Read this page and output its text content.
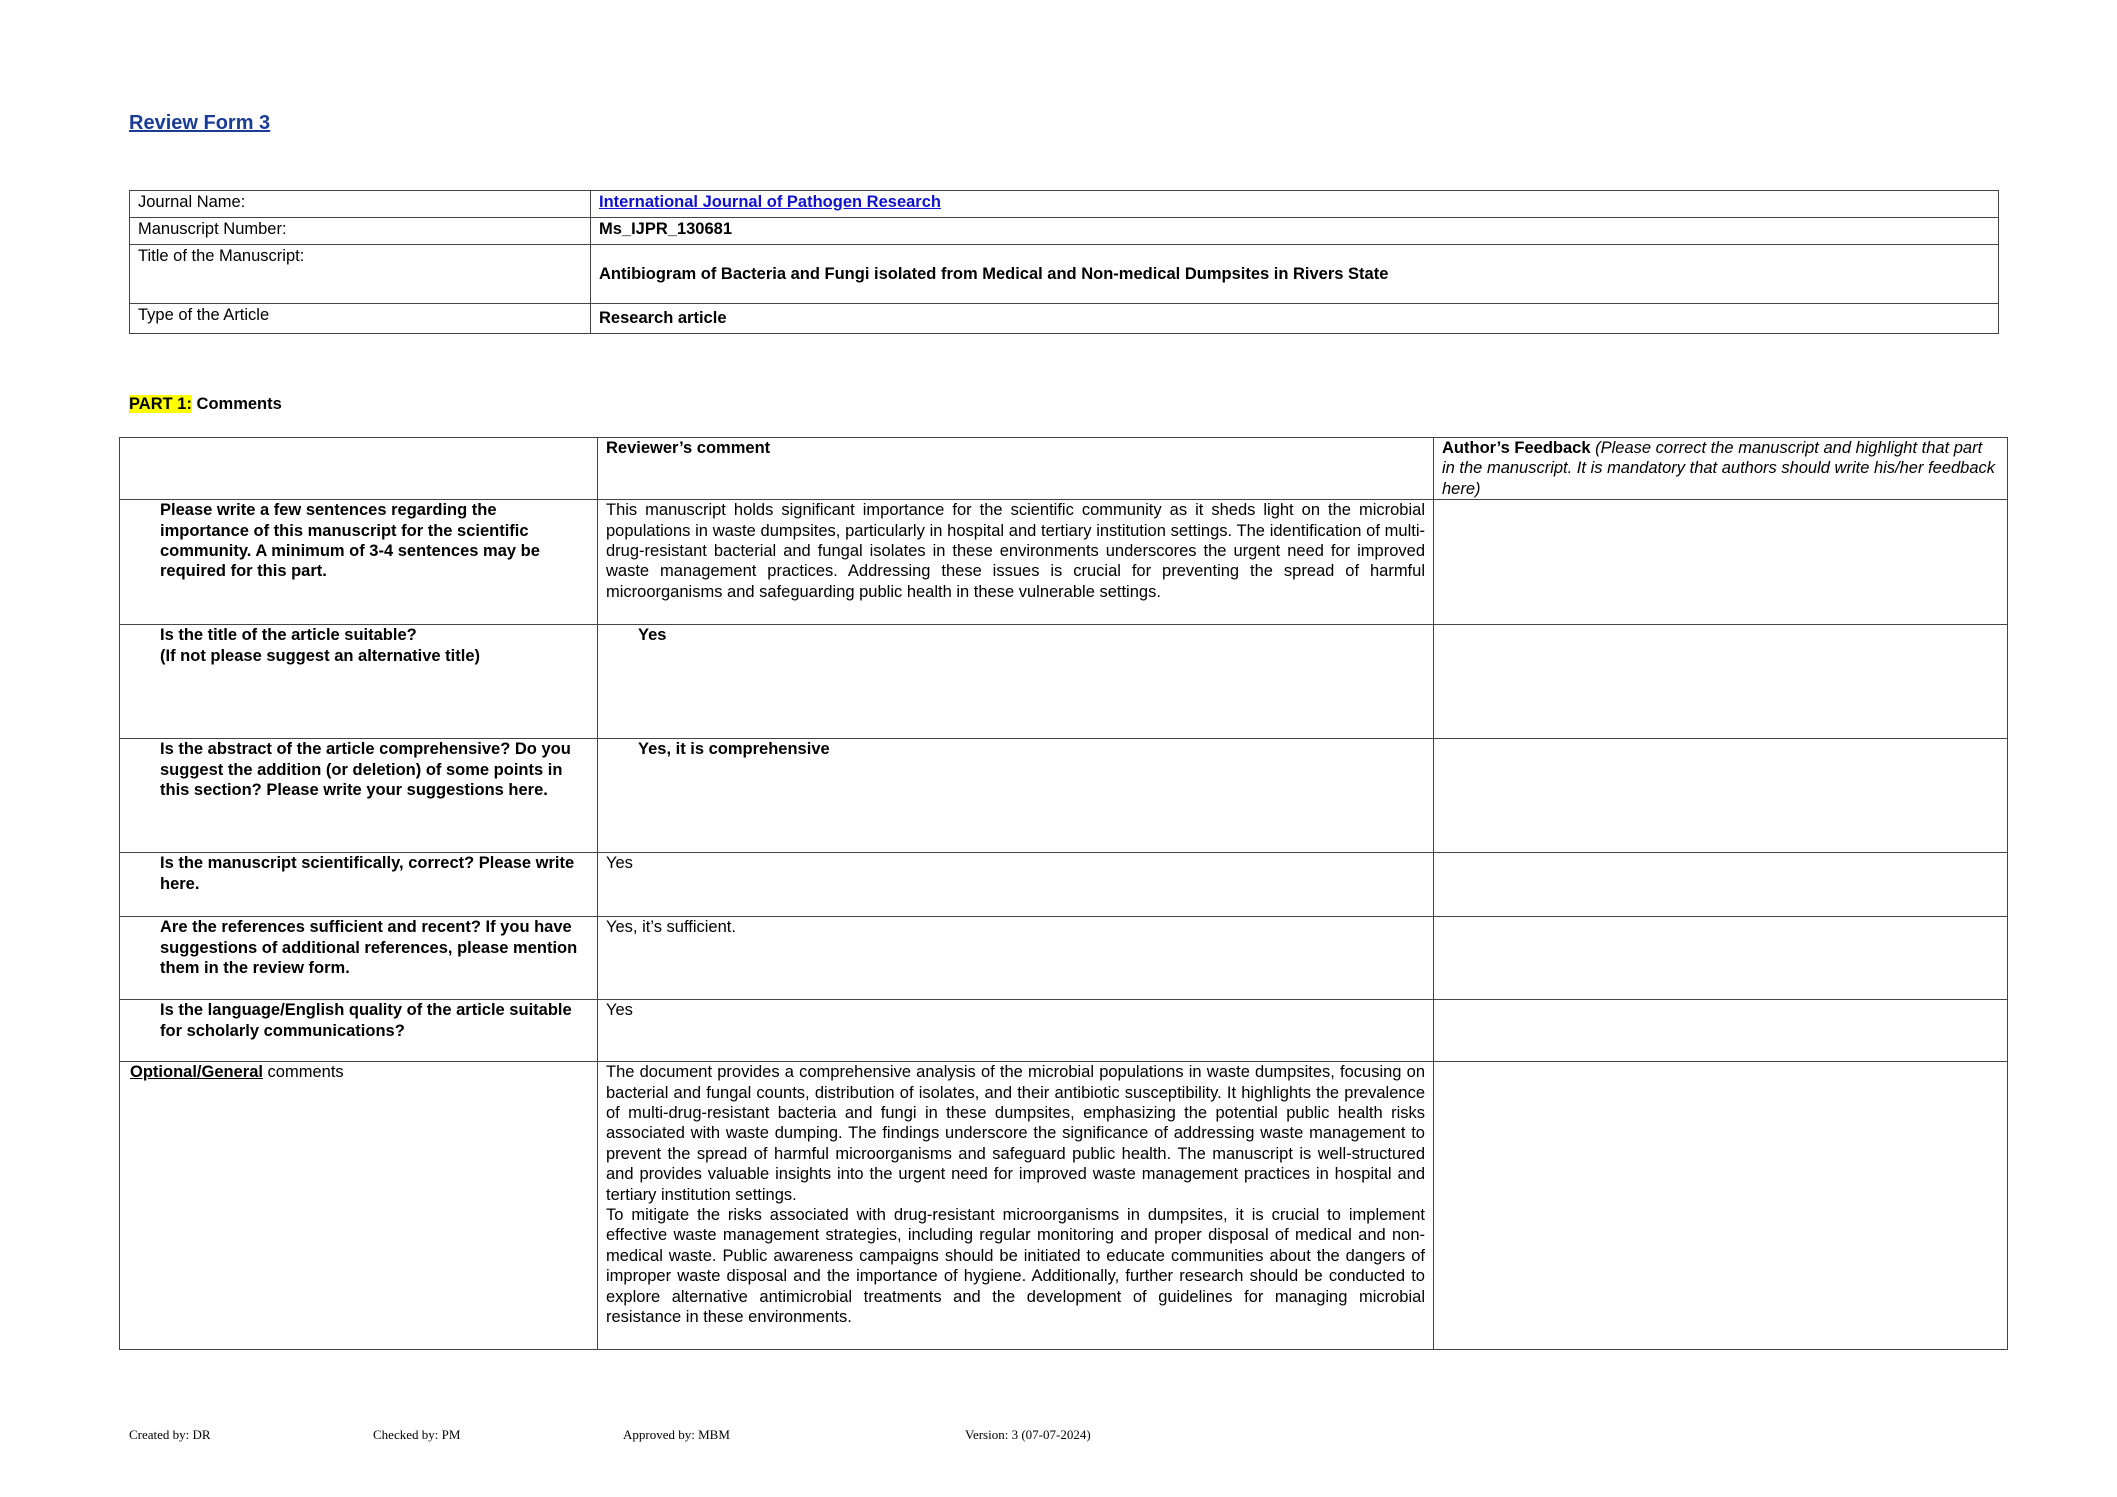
Review Form 3
Journal Name:	International Journal of Pathogen Research
Manuscript Number:	Ms_IJPR_130681
Title of the Manuscript:	Antibiogram of Bacteria and Fungi isolated from Medical and Non-medical Dumpsites in Rivers State
Type of the Article	Research article
PART 1: Comments
	Reviewer’s comment	Author’s Feedback (Please correct the manuscript and highlight that part in the manuscript. It is mandatory that authors should write his/her feedback here)
Please write a few sentences regarding the importance of this manuscript for the scientific community. A minimum of 3-4 sentences may be required for this part.	This manuscript holds significant importance for the scientific community as it sheds light on the microbial populations in waste dumpsites, particularly in hospital and tertiary institution settings. The identification of multi-drug-resistant bacterial and fungal isolates in these environments underscores the urgent need for improved waste management practices. Addressing these issues is crucial for preventing the spread of harmful microorganisms and safeguarding public health in these vulnerable settings.	
Is the title of the article suitable?
(If not please suggest an alternative title)	Yes	

Is the abstract of the article comprehensive? Do you suggest the addition (or deletion) of some points in this section? Please write your suggestions here.	Yes, it is comprehensive	

Is the manuscript scientifically, correct? Please write here.	Yes	
Are the references sufficient and recent? If you have suggestions of additional references, please mention them in the review form.	Yes, it’s sufficient.	
Is the language/English quality of the article suitable for scholarly communications?	Yes	
Optional/General comments	The document provides a comprehensive analysis of the microbial populations in waste dumpsites, focusing on bacterial and fungal counts, distribution of isolates, and their antibiotic susceptibility. It highlights the prevalence of multi-drug-resistant bacteria and fungi in these dumpsites, emphasizing the potential public health risks associated with waste dumping. The findings underscore the significance of addressing waste management to prevent the spread of harmful microorganisms and safeguard public health. The manuscript is well-structured and provides valuable insights into the urgent need for improved waste management practices in hospital and tertiary institution settings.
To mitigate the risks associated with drug-resistant microorganisms in dumpsites, it is crucial to implement effective waste management strategies, including regular monitoring and proper disposal of medical and non-medical waste. Public awareness campaigns should be initiated to educate communities about the dangers of improper waste disposal and the importance of hygiene. Additionally, further research should be conducted to explore alternative antimicrobial treatments and the development of guidelines for managing microbial resistance in these environments.	

Created by: DR	Checked by: PM	Approved by: MBM	Version: 3 (07-07-2024)
